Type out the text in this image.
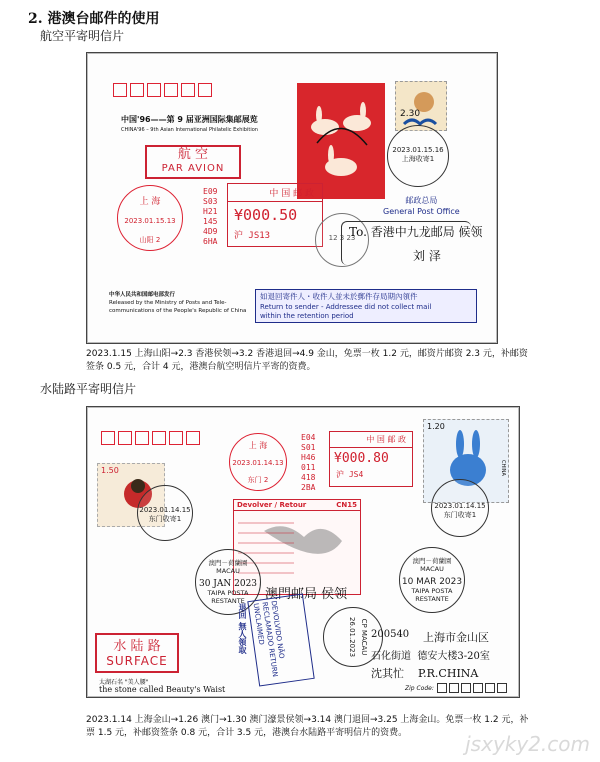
2. 港澳台邮件的使用
航空平寄明信片
中国'96——第 9 届亚洲国际集邮展览
CHINA'96 – 9th Asian International Philatelic Exhibition
2.30
2023.01.15.16
上海收寄1
航 空
PAR AVION
上 海
2023.01.15.13
山阳 2
E09
S03
H21
145
4D9
6HA
中 国 邮 政
¥000.50
沪 JS13
邮政总局
General Post Office
12 3 23
To. 香港中九龙邮局 候领
刘 泽
中华人民共和国邮电部发行
Released by the Ministry of Posts and Tele-communications of the People's Republic of China
如退回寄件人・收件人並未於郵件存局期內領件
Return to sender - Addressee did not collect mail
within the retention period
2023.1.15 上海山阳→2.3 香港侯领→3.2 香港退回→4.9 金山，免票一枚 1.2 元，邮资片邮资 2.3 元，补邮资签条 0.5 元，合计 4 元，港澳台航空明信片平寄的资费。
水陆路平寄明信片
1.50
2023.01.14.15
东门收寄1
上 海
2023.01.14.13
东门 2
E04
S01
H46
011
418
2BA
中 国 邮 政
¥000.80
沪 JS4
1.20
CHINA
2023.01.14.15
东门收寄1
Devolver / Retour	CN15
澳門－荷蘭園
MACAU
30 JAN 2023
TAIPA POSTA RESTANTE
澳門－荷蘭園
MACAU
10 MAR 2023
TAIPA POSTA RESTANTE
澳門邮局 侯领
DEVOLVIDO NÃO RECLAMADO RETURN UNCLAIMED
退回 無人領取	CP MACAU
26.01.2023
水 陆 路
SURFACE
太湖石名 "美人腰"
the stone called Beauty's Waist
200540 上海市金山区
石化街道  德安大楼3-20室
沈其忙    P.R.CHINA
Zip Code:
2023.1.14 上海金山→1.26 澳门→1.30 澳门濠景侯领→3.14 澳门退回→3.25 上海金山。免票一枚 1.2 元，补票 1.5 元，补邮资签条 0.8 元，合计 3.5 元，港澳台水陆路平寄明信片的资费。	jsxyky2.com
